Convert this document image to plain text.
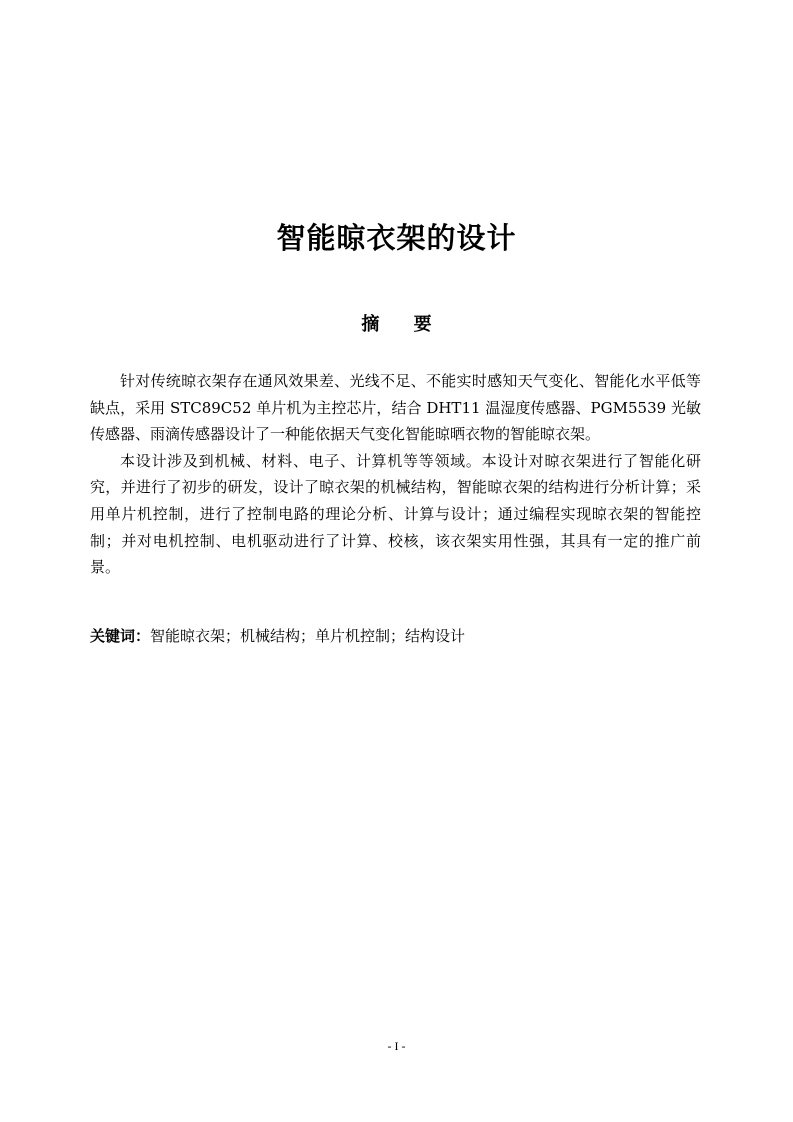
智能晾衣架的设计
摘 要

针对传统晾衣架存在通风效果差、光线不足、不能实时感知天气变化、智能化水平低等缺点，采用 STC89C52 单片机为主控芯片，结合 DHT11 温湿度传感器、PGM5539 光敏传感器、雨滴传感器设计了一种能依据天气变化智能晾晒衣物的智能晾衣架。

本设计涉及到机械、材料、电子、计算机等等领域。本设计对晾衣架进行了智能化研究，并进行了初步的研发，设计了晾衣架的机械结构，智能晾衣架的结构进行分析计算；采用单片机控制，进行了控制电路的理论分析、计算与设计；通过编程实现晾衣架的智能控制；并对电机控制、电机驱动进行了计算、校核，该衣架实用性强，其具有一定的推广前景。

关键词：智能晾衣架；机械结构；单片机控制；结构设计
- I -
